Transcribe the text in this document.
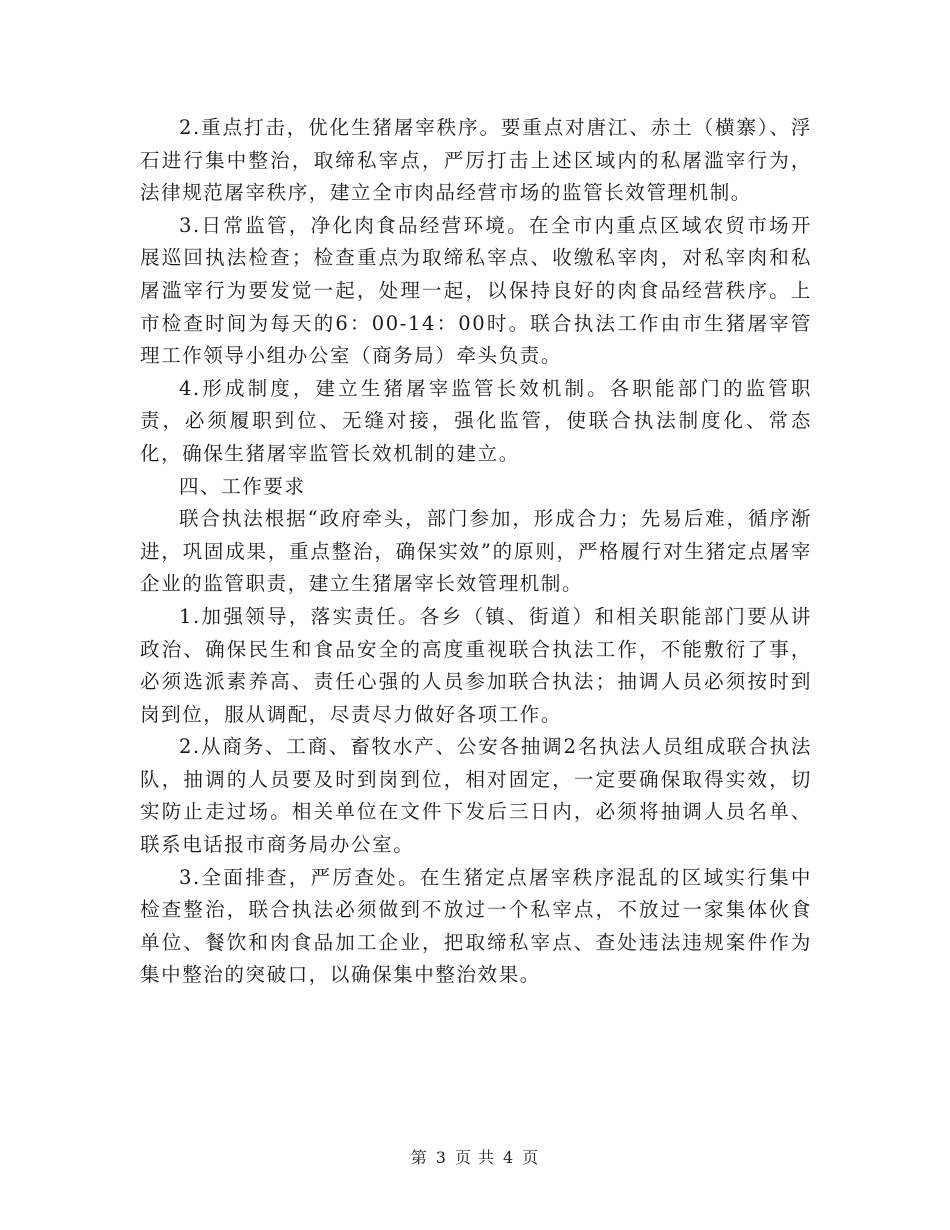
2.重点打击，优化生猪屠宰秩序。要重点对唐江、赤土（横寨）、浮石进行集中整治，取缔私宰点，严厉打击上述区域内的私屠滥宰行为，法律规范屠宰秩序，建立全市肉品经营市场的监管长效管理机制。

3.日常监管，净化肉食品经营环境。在全市内重点区域农贸市场开展巡回执法检查；检查重点为取缔私宰点、收缴私宰肉，对私宰肉和私屠滥宰行为要发觉一起，处理一起，以保持良好的肉食品经营秩序。上市检查时间为每天的6：00-14：00时。联合执法工作由市生猪屠宰管理工作领导小组办公室（商务局）牵头负责。

4.形成制度，建立生猪屠宰监管长效机制。各职能部门的监管职责，必须履职到位、无缝对接，强化监管，使联合执法制度化、常态化，确保生猪屠宰监管长效机制的建立。

四、工作要求

联合执法根据“政府牵头，部门参加，形成合力；先易后难，循序渐进，巩固成果，重点整治，确保实效”的原则，严格履行对生猪定点屠宰企业的监管职责，建立生猪屠宰长效管理机制。

1.加强领导，落实责任。各乡（镇、街道）和相关职能部门要从讲政治、确保民生和食品安全的高度重视联合执法工作，不能敷衍了事，必须选派素养高、责任心强的人员参加联合执法；抽调人员必须按时到岗到位，服从调配，尽责尽力做好各项工作。

2.从商务、工商、畜牧水产、公安各抽调2名执法人员组成联合执法队，抽调的人员要及时到岗到位，相对固定，一定要确保取得实效，切实防止走过场。相关单位在文件下发后三日内，必须将抽调人员名单、联系电话报市商务局办公室。

3.全面排查，严厉查处。在生猪定点屠宰秩序混乱的区域实行集中检查整治，联合执法必须做到不放过一个私宰点，不放过一家集体伙食单位、餐饮和肉食品加工企业，把取缔私宰点、查处违法违规案件作为集中整治的突破口，以确保集中整治效果。

第 3 页 共 4 页
